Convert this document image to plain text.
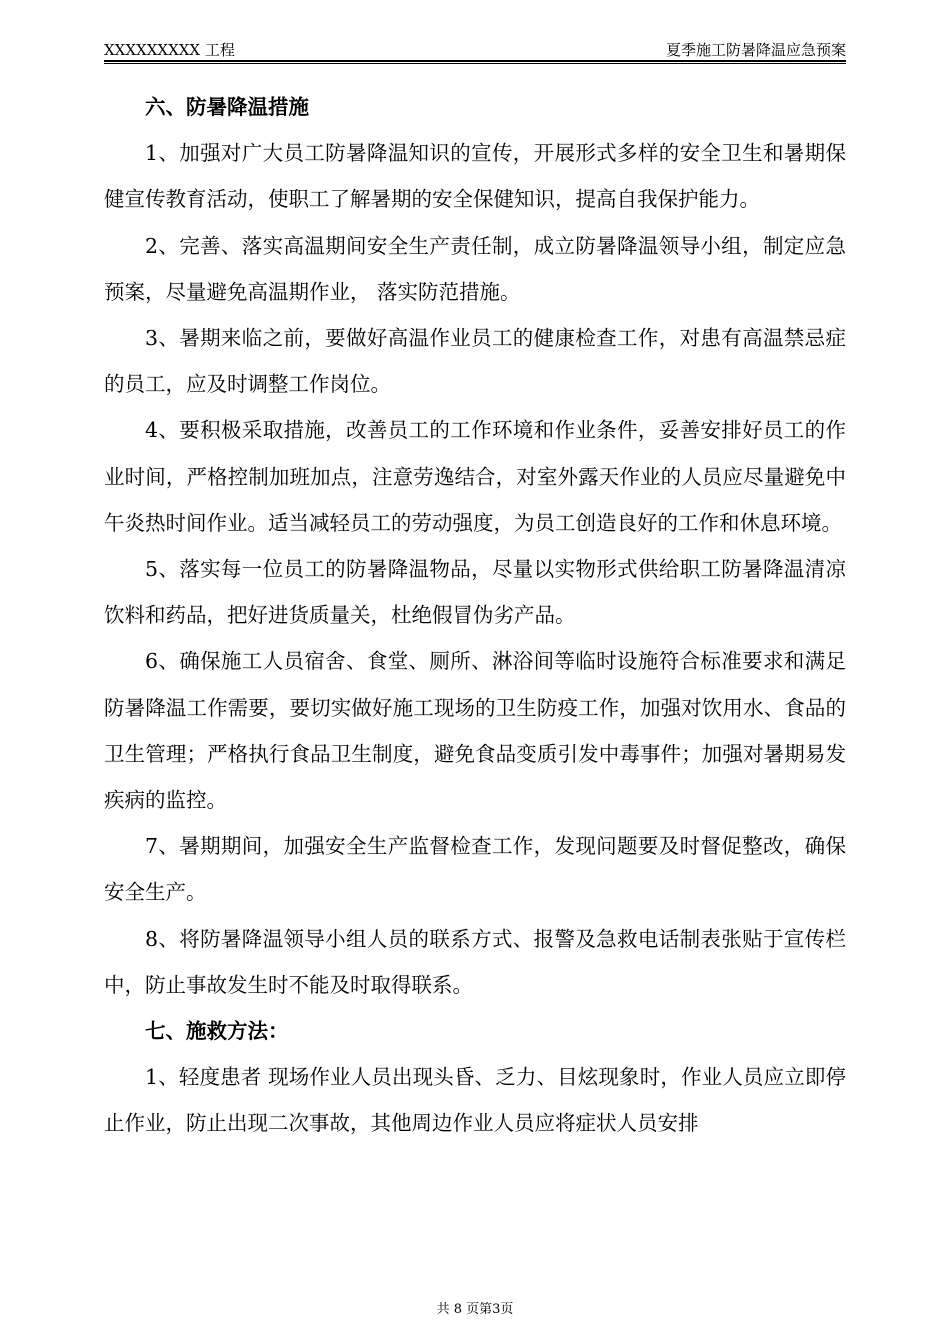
XXXXXXXXX 工程	夏季施工防暑降温应急预案

六、防暑降温措施

1、加强对广大员工防暑降温知识的宣传，开展形式多样的安全卫生和暑期保健宣传教育活动，使职工了解暑期的安全保健知识，提高自我保护能力。

2、完善、落实高温期间安全生产责任制，成立防暑降温领导小组，制定应急预案，尽量避免高温期作业， 落实防范措施。

3、暑期来临之前，要做好高温作业员工的健康检查工作，对患有高温禁忌症的员工，应及时调整工作岗位。

4、要积极采取措施，改善员工的工作环境和作业条件，妥善安排好员工的作业时间，严格控制加班加点，注意劳逸结合，对室外露天作业的人员应尽量避免中午炎热时间作业。适当减轻员工的劳动强度，为员工创造良好的工作和休息环境。

5、落实每一位员工的防暑降温物品，尽量以实物形式供给职工防暑降温清凉饮料和药品，把好进货质量关，杜绝假冒伪劣产品。

6、确保施工人员宿舍、食堂、厕所、淋浴间等临时设施符合标准要求和满足防暑降温工作需要，要切实做好施工现场的卫生防疫工作，加强对饮用水、食品的卫生管理；严格执行食品卫生制度，避免食品变质引发中毒事件；加强对暑期易发疾病的监控。

7、暑期期间，加强安全生产监督检查工作，发现问题要及时督促整改，确保安全生产。

8、将防暑降温领导小组人员的联系方式、报警及急救电话制表张贴于宣传栏中，防止事故发生时不能及时取得联系。

七、施救方法：

1、轻度患者 现场作业人员出现头昏、乏力、目炫现象时，作业人员应立即停止作业，防止出现二次事故，其他周边作业人员应将症状人员安排

共 8 页第3页
